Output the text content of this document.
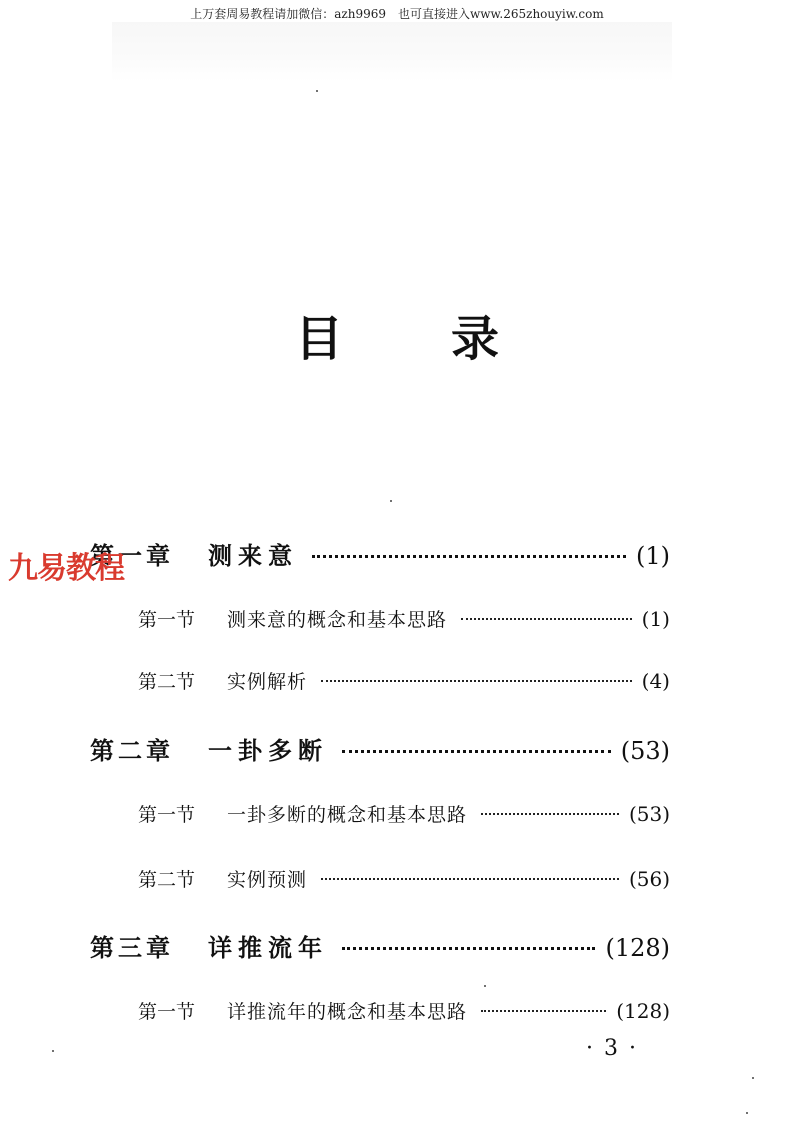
上万套周易教程请加微信：azh9969　也可直接进入www.265zhouyiw.com
目 录
九易教程
第一章 测来意	(1)
第一节 测来意的概念和基本思路	(1)
第二节 实例解析	(4)
第二章 一卦多断	(53)
第一节 一卦多断的概念和基本思路	(53)
第二节 实例预测	(56)
第三章 详推流年	(128)
第一节 详推流年的概念和基本思路	(128)
· 3 ·
